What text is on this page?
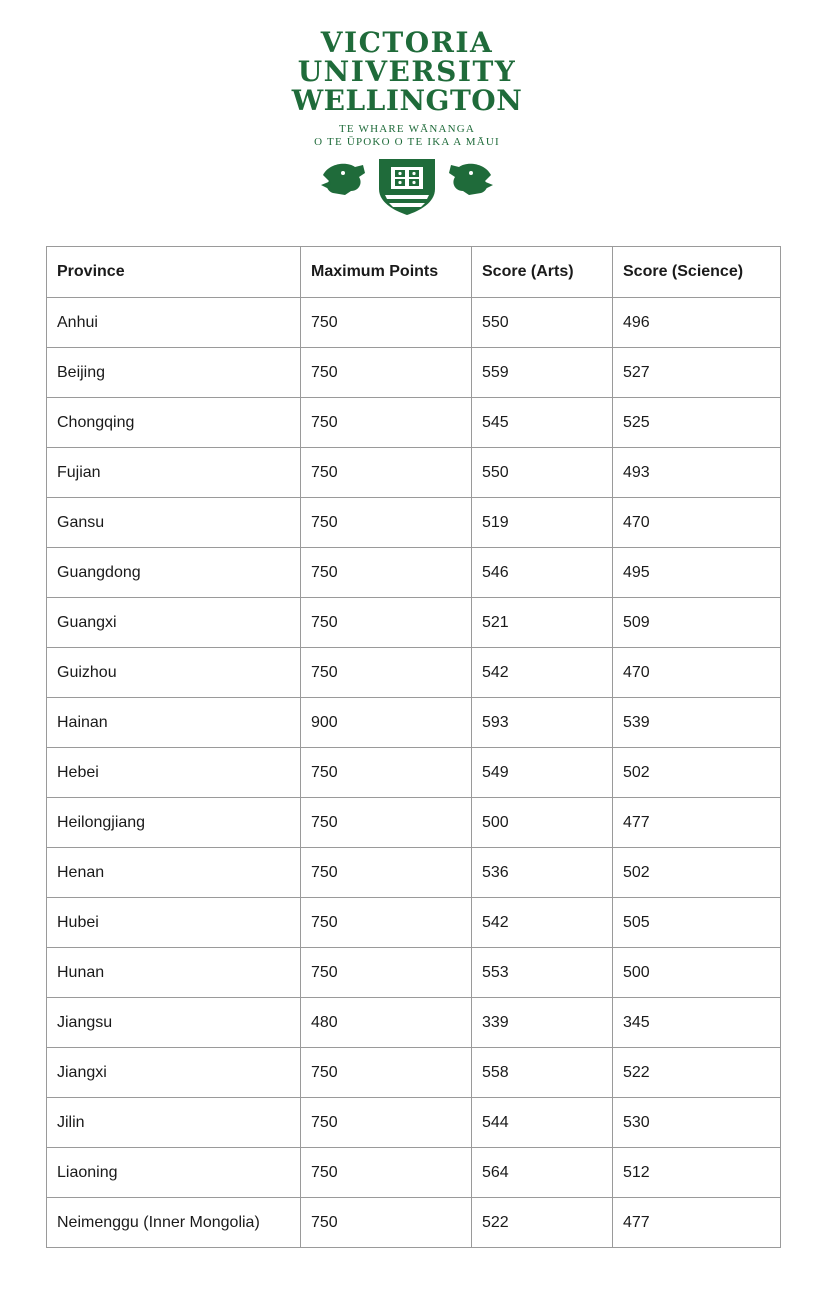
VICTORIA
UNIVERSITY
WELLINGTON
TE WHARE WĀNANGA
O TE ŪPOKO O TE IKA A MĀUI
Province	Maximum Points	Score (Arts)	Score (Science)
Anhui	750	550	496
Beijing	750	559	527
Chongqing	750	545	525
Fujian	750	550	493
Gansu	750	519	470
Guangdong	750	546	495
Guangxi	750	521	509
Guizhou	750	542	470
Hainan	900	593	539
Hebei	750	549	502
Heilongjiang	750	500	477
Henan	750	536	502
Hubei	750	542	505
Hunan	750	553	500
Jiangsu	480	339	345
Jiangxi	750	558	522
Jilin	750	544	530
Liaoning	750	564	512
Neimenggu (Inner Mongolia)	750	522	477
